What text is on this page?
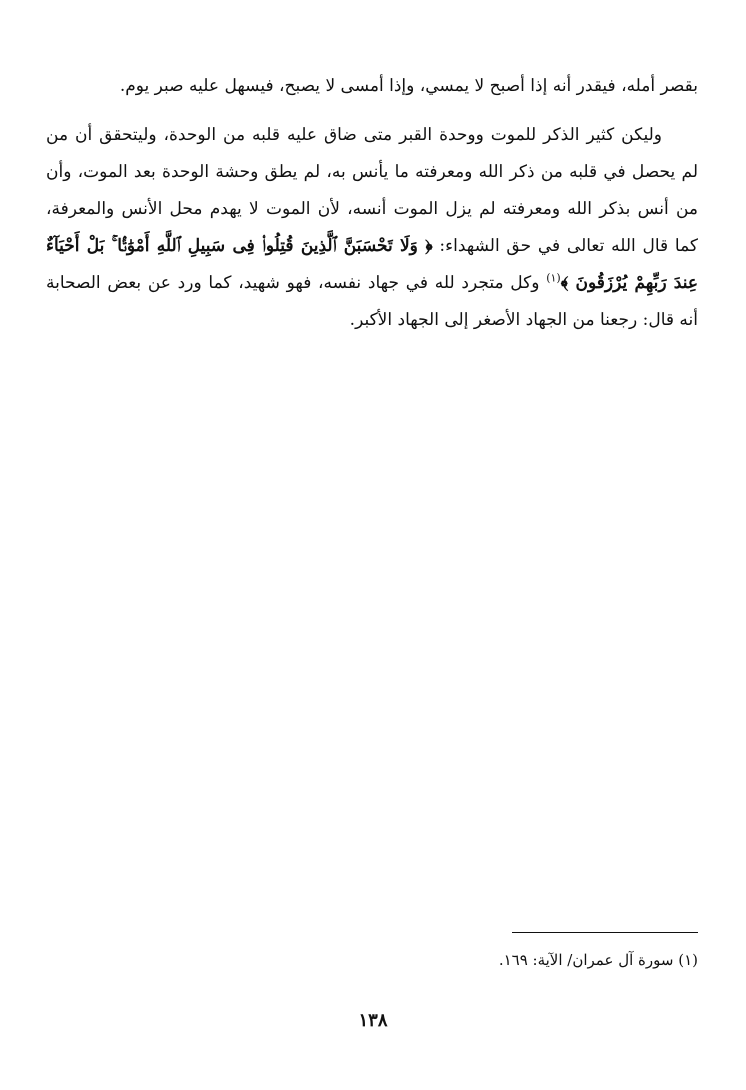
بقصر أمله، فيقدر أنه إذا أصبح لا يمسي، وإذا أمسى لا يصبح، فيسهل عليه صبر يوم.

وليكن كثير الذكر للموت ووحدة القبر متى ضاق عليه قلبه من الوحدة، وليتحقق أن من لم يحصل في قلبه من ذكر الله ومعرفته ما يأنس به، لم يطق وحشة الوحدة بعد الموت، وأن من أنس بذكر الله ومعرفته لم يزل الموت أنسه، لأن الموت لا يهدم محل الأنس والمعرفة، كما قال الله تعالى في حق الشهداء: ﴿ وَلَا تَحْسَبَنَّ ٱلَّذِينَ قُتِلُوا۟ فِى سَبِيلِ ٱللَّهِ أَمْوَٰتًۢا ۚ بَلْ أَحْيَآءٌ عِندَ رَبِّهِمْ يُرْزَقُونَ ﴾$^{(١)}$ وكل متجرد لله في جهاد نفسه، فهو شهيد، كما ورد عن بعض الصحابة أنه قال: رجعنا من الجهاد الأصغر إلى الجهاد الأكبر.

(١) سورة آل عمران/ الآية: ١٦٩.

١٣٨
